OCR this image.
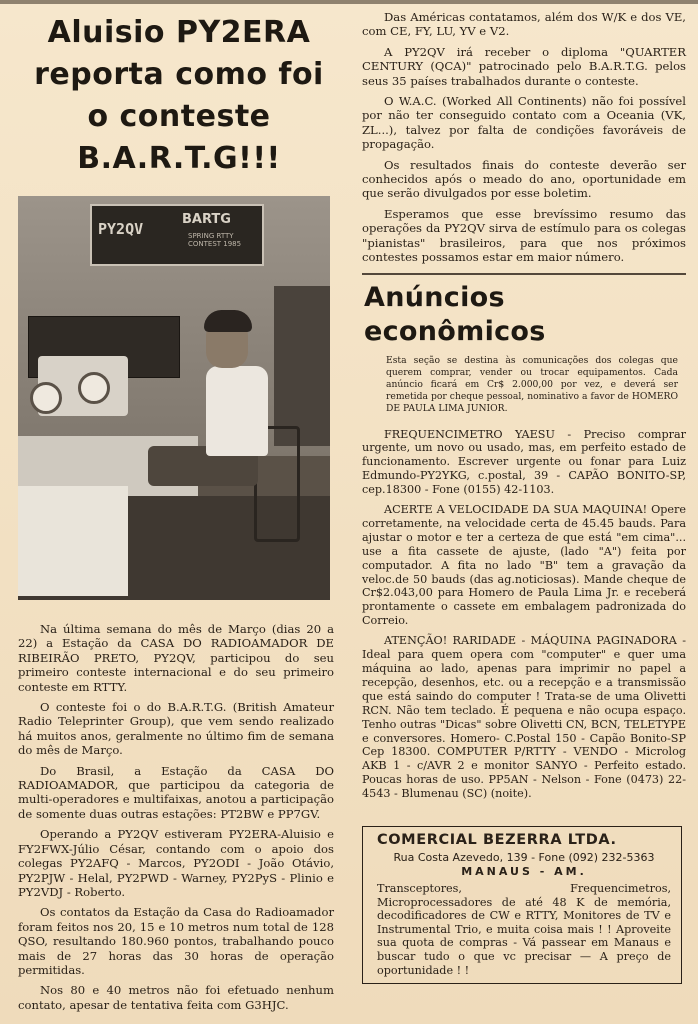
Aluisio PY2ERA
reporta como foi
o conteste
B.A.R.T.G!!!
PY2QV
BARTG
SPRING RTTY CONTEST 1985

Na última semana do mês de Março (dias 20 a 22) a Estação da CASA DO RADIOAMADOR DE RIBEIRÃO PRETO, PY2QV, participou do seu primeiro conteste internacional e do seu primeiro conteste em RTTY.

O conteste foi o do B.A.R.T.G. (British Amateur Radio Teleprinter Group), que vem sendo realizado há muitos anos, geralmente no último fim de semana do mês de Março.

Do Brasil, a Estação da CASA DO RADIOAMADOR, que participou da categoria de multi-operadores e multifaixas, anotou a participação de somente duas outras estações: PT2BW e PP7GV.

Operando a PY2QV estiveram PY2ERA-Aluisio e FY2FWX-Júlio César, contando com o apoio dos colegas PY2AFQ - Marcos, PY2ODI - João Otávio, PY2PJW - Helal, PY2PWD - Warney, PY2PyS - Plinio e PY2VDJ - Roberto.

Os contatos da Estação da Casa do Radioamador foram feitos nos 20, 15 e 10 metros num total de 128 QSO, resultando 180.960 pontos, trabalhando pouco mais de 27 horas das 30 horas de operação permitidas.

Nos 80 e 40 metros não foi efetuado nenhum contato, apesar de tentativa feita com G3HJC.

Das Américas contatamos, além dos W/K e dos VE, com CE, FY, LU, YV e V2.

A PY2QV irá receber o diploma "QUARTER CENTURY (QCA)" patrocinado pelo B.A.R.T.G. pelos seus 35 países trabalhados durante o conteste.

O W.A.C. (Worked All Continents) não foi possível por não ter conseguido contato com a Oceania (VK, ZL...), talvez por falta de condições favoráveis de propagação.

Os resultados finais do conteste deverão ser conhecidos após o meado do ano, oportunidade em que serão divulgados por esse boletim.

Esperamos que esse brevíssimo resumo das operações da PY2QV sirva de estímulo para os colegas "pianistas" brasileiros, para que nos próximos contestes possamos estar em maior número.

Anúncios econômicos
Esta seção se destina às comunicações dos colegas que querem comprar, vender ou trocar equipamentos. Cada anúncio ficará em Cr$ 2.000,00 por vez, e deverá ser remetida por cheque pessoal, nominativo a favor de HOMERO DE PAULA LIMA JUNIOR.

FREQUENCIMETRO YAESU - Preciso comprar urgente, um novo ou usado, mas, em perfeito estado de funcionamento. Escrever urgente ou fonar para Luiz Edmundo-PY2YKG, c.postal, 39 - CAPÃO BONITO-SP, cep.18300 - Fone (0155) 42-1103.

ACERTE A VELOCIDADE DA SUA MAQUINA! Opere corretamente, na velocidade certa de 45.45 bauds. Para ajustar o motor e ter a certeza de que está "em cima"... use a fita cassete de ajuste, (lado "A") feita por computador. A fita no lado "B" tem a gravação da veloc.de 50 bauds (das ag.noticiosas). Mande cheque de Cr$2.043,00 para Homero de Paula Lima Jr. e receberá prontamente o cassete em embalagem padronizada do Correio.

ATENÇÃO! RARIDADE - MÁQUINA PAGINADORA - Ideal para quem opera com "computer" e quer uma máquina ao lado, apenas para imprimir no papel a recepção, desenhos, etc. ou a recepção e a transmissão que está saindo do computer ! Trata-se de uma Olivetti RCN. Não tem teclado. É pequena e não ocupa espaço. Tenho outras "Dicas" sobre Olivetti CN, BCN, TELETYPE e conversores. Homero- C.Postal 150 - Capão Bonito-SP Cep 18300. COMPUTER P/RTTY - VENDO - Microlog AKB 1 - c/AVR 2 e monitor SANYO - Perfeito estado. Poucas horas de uso. PP5AN - Nelson - Fone (0473) 22-4543 - Blumenau (SC) (noite).

COMERCIAL BEZERRA LTDA.

Rua Costa Azevedo, 139 - Fone (092) 232-5363

MANAUS - AM.

Transceptores, Frequencimetros, Microprocessadores de até 48 K de memória, decodificadores de CW e RTTY, Monitores de TV e Instrumental Trio, e muita coisa mais ! ! Aproveite sua quota de compras - Vá passear em Manaus e buscar tudo o que vc precisar — A preço de oportunidade ! !
